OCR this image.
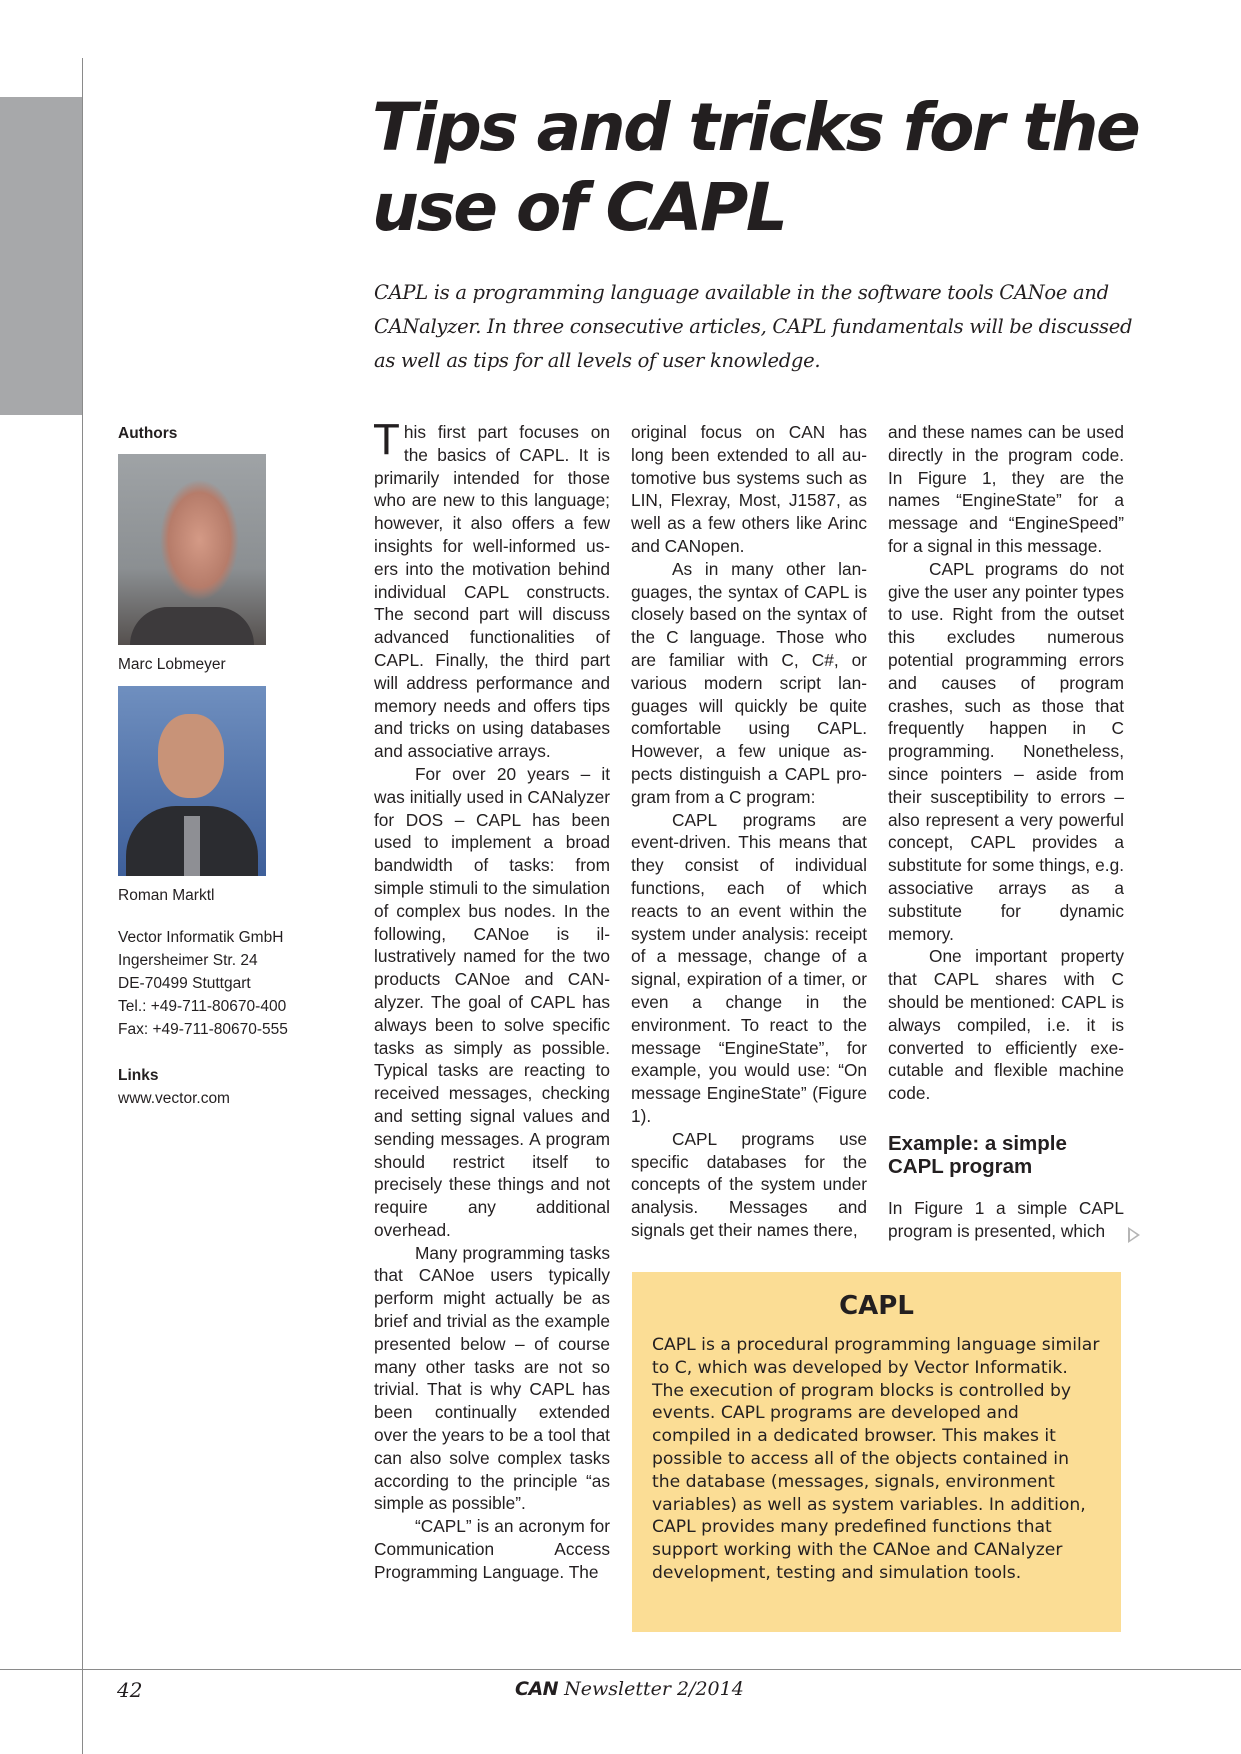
Tips and tricks for the use of CAPL

CAPL is a programming language available in the software tools CANoe and CANalyzer. In three consecutive articles, CAPL fundamentals will be discussed as well as tips for all levels of user knowledge.

Authors
Marc Lobmeyer
Roman Marktl
Vector Informatik GmbH
Ingersheimer Str. 24
DE-70499 Stuttgart
Tel.: +49-711-80670-400
Fax: +49-711-80670-555
Links
www.vector.com

This first part focuses on the basics of CAPL. It is primarily intended for those who are new to this language; however, it also offers a few insights for well-informed users into the motivation behind individual CAPL constructs. The second part will discuss advanced functionalities of CAPL. Finally, the third part will address performance and memory needs and offers tips and tricks on using databases and associative arrays.

For over 20 years – it was initially used in CANalyzer for DOS – CAPL has been used to implement a broad bandwidth of tasks: from simple stimuli to the simulation of complex bus nodes. In the following, CANoe is illustratively named for the two products CANoe and CANalyzer. The goal of CAPL has always been to solve specific tasks as simply as possible. Typical tasks are reacting to received messages, checking and setting signal values and sending messages. A program should restrict itself to precisely these things and not require any additional overhead.

Many programming tasks that CANoe users typically perform might actually be as brief and trivial as the example presented below – of course many other tasks are not so trivial. That is why CAPL has been continually extended over the years to be a tool that can also solve complex tasks according to the principle “as simple as possible”.

“CAPL” is an acronym for Communication Access Programming Language. The

original focus on CAN has long been extended to all automotive bus systems such as LIN, Flexray, Most, J1587, as well as a few others like Arinc and CANopen.

As in many other languages, the syntax of CAPL is closely based on the syntax of the C language. Those who are familiar with C, C#, or various modern script languages will quickly be quite comfortable using CAPL. However, a few unique aspects distinguish a CAPL program from a C program:

CAPL programs are event-driven. This means that they consist of individual functions, each of which reacts to an event within the system under analysis: receipt of a message, change of a signal, expiration of a timer, or even a change in the environment. To react to the message “EngineState”, for example, you would use: “On message EngineState” (Figure 1).

CAPL programs use specific databases for the concepts of the system under analysis. Messages and signals get their names there,

and these names can be used directly in the program code. In Figure 1, they are the names “EngineState” for a message and “EngineSpeed” for a signal in this message.

CAPL programs do not give the user any pointer types to use. Right from the outset this excludes numerous potential programming errors and causes of program crashes, such as those that frequently happen in C programming. Nonetheless, since pointers – aside from their susceptibility to errors – also represent a very powerful concept, CAPL provides a substitute for some things, e.g. associative arrays as a substitute for dynamic memory.

One important property that CAPL shares with C should be mentioned: CAPL is always compiled, i.e. it is converted to efficiently executable and flexible machine code.

Example: a simple CAPL program

In Figure 1 a simple CAPL program is presented, which

CAPL
CAPL is a procedural programming language similar to C, which was developed by Vector Informatik. The execution of program blocks is controlled by events. CAPL programs are developed and compiled in a dedicated browser. This makes it possible to access all of the objects contained in the database (messages, signals, environment variables) as well as system variables. In addition, CAPL provides many predefined functions that support working with the CANoe and CANalyzer development, testing and simulation tools.
42	CAN Newsletter 2/2014
